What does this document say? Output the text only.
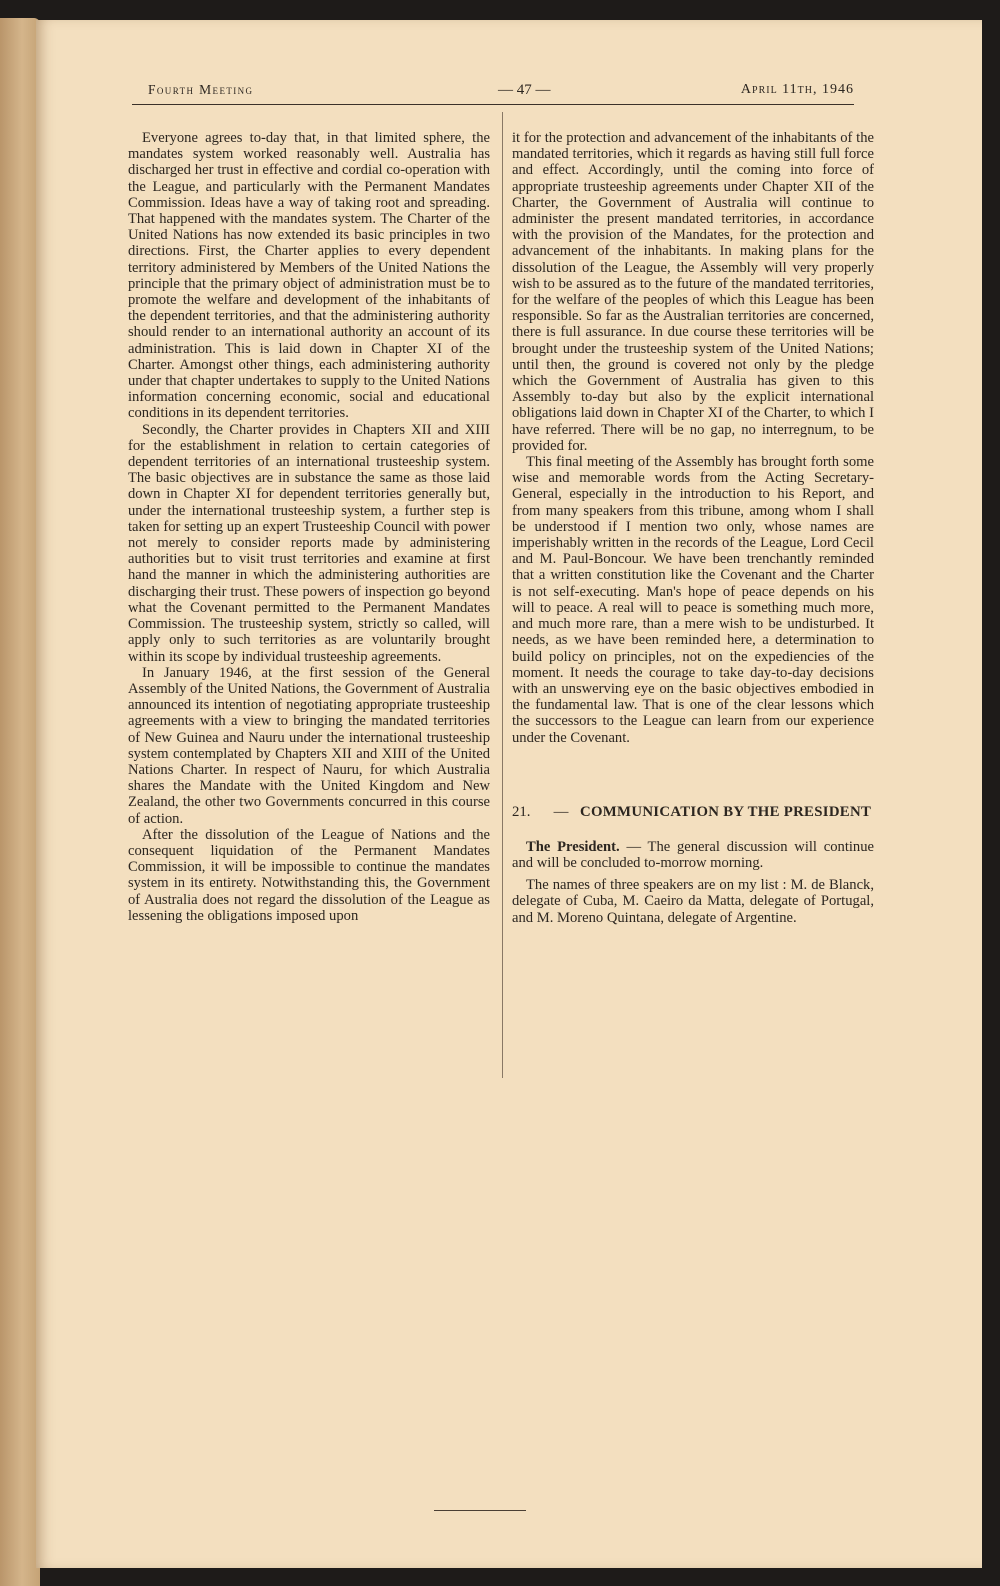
Fourth Meeting	— 47 —	April 11th, 1946

Everyone agrees to-day that, in that limited sphere, the mandates system worked reasonably well. Australia has discharged her trust in effective and cordial co-operation with the League, and particularly with the Permanent Mandates Commission. Ideas have a way of taking root and spreading. That happened with the mandates system. The Charter of the United Nations has now extended its basic principles in two directions. First, the Charter applies to every dependent territory administered by Members of the United Nations the principle that the primary object of administration must be to promote the welfare and development of the inhabitants of the dependent territories, and that the administering authority should render to an international authority an account of its administration. This is laid down in Chapter XI of the Charter. Amongst other things, each administering authority under that chapter undertakes to supply to the United Nations information concerning economic, social and educational conditions in its dependent territories.

Secondly, the Charter provides in Chapters XII and XIII for the establishment in relation to certain categories of dependent territories of an international trusteeship system. The basic objectives are in substance the same as those laid down in Chapter XI for dependent territories generally but, under the international trusteeship system, a further step is taken for setting up an expert Trusteeship Council with power not merely to consider reports made by administering authorities but to visit trust territories and examine at first hand the manner in which the administering authorities are discharging their trust. These powers of inspection go beyond what the Covenant permitted to the Permanent Mandates Commission. The trusteeship system, strictly so called, will apply only to such territories as are voluntarily brought within its scope by individual trusteeship agreements.

In January 1946, at the first session of the General Assembly of the United Nations, the Government of Australia announced its intention of negotiating appropriate trusteeship agreements with a view to bringing the mandated territories of New Guinea and Nauru under the international trusteeship system contemplated by Chapters XII and XIII of the United Nations Charter. In respect of Nauru, for which Australia shares the Mandate with the United Kingdom and New Zealand, the other two Governments concurred in this course of action.

After the dissolution of the League of Nations and the consequent liquidation of the Permanent Mandates Commission, it will be impossible to continue the mandates system in its entirety. Notwithstanding this, the Government of Australia does not regard the dissolution of the League as lessening the obligations imposed upon

it for the protection and advancement of the inhabitants of the mandated territories, which it regards as having still full force and effect. Accordingly, until the coming into force of appropriate trusteeship agreements under Chapter XII of the Charter, the Government of Australia will continue to administer the present mandated territories, in accordance with the provision of the Mandates, for the protection and advancement of the inhabitants. In making plans for the dissolution of the League, the Assembly will very properly wish to be assured as to the future of the mandated territories, for the welfare of the peoples of which this League has been responsible. So far as the Australian territories are concerned, there is full assurance. In due course these territories will be brought under the trusteeship system of the United Nations; until then, the ground is covered not only by the pledge which the Government of Australia has given to this Assembly to-day but also by the explicit international obligations laid down in Chapter XI of the Charter, to which I have referred. There will be no gap, no interregnum, to be provided for.

This final meeting of the Assembly has brought forth some wise and memorable words from the Acting Secretary-General, especially in the introduction to his Report, and from many speakers from this tribune, among whom I shall be understood if I mention two only, whose names are imperishably written in the records of the League, Lord Cecil and M. Paul-Boncour. We have been trenchantly reminded that a written constitution like the Covenant and the Charter is not self-executing. Man's hope of peace depends on his will to peace. A real will to peace is something much more, and much more rare, than a mere wish to be undisturbed. It needs, as we have been reminded here, a determination to build policy on principles, not on the expediencies of the moment. It needs the courage to take day-to-day decisions with an unswerving eye on the basic objectives embodied in the fundamental law. That is one of the clear lessons which the successors to the League can learn from our experience under the Covenant.

21. — COMMUNICATION BY THE PRESIDENT

The President. — The general discussion will continue and will be concluded to-morrow morning.

The names of three speakers are on my list : M. de Blanck, delegate of Cuba, M. Caeiro da Matta, delegate of Portugal, and M. Moreno Quintana, delegate of Argentine.
